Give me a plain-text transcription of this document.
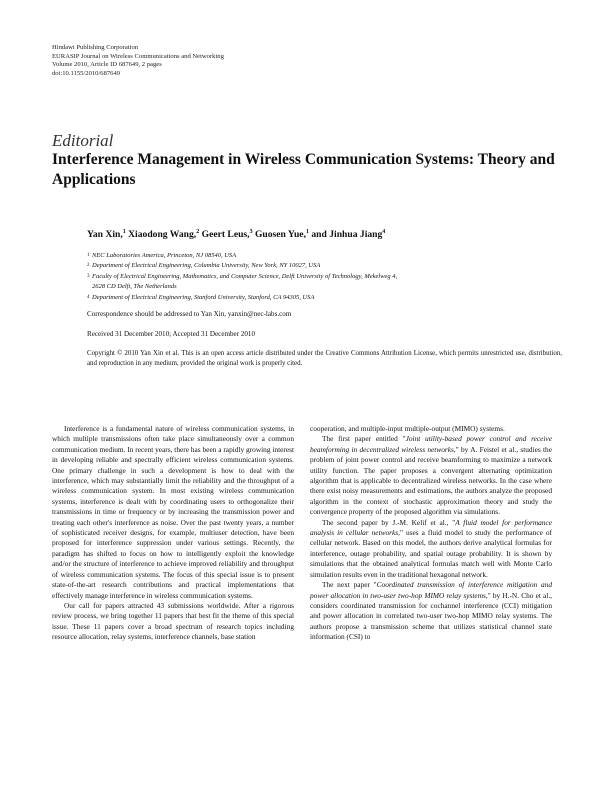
Hindawi Publishing Corporation
EURASIP Journal on Wireless Communications and Networking
Volume 2010, Article ID 687649, 2 pages
doi:10.1155/2010/687649
Editorial
Interference Management in Wireless Communication Systems: Theory and Applications
Yan Xin,$^1$ Xiaodong Wang,$^2$ Geert Leus,$^3$ Guosen Yue,$^1$ and Jinhua Jiang$^4$
1 NEC Laboratories America, Princeton, NJ 08540, USA
2 Department of Electrical Engineering, Columbia University, New York, NY 10027, USA
3 Faculty of Electrical Engineering, Mathematics, and Computer Science, Delft University of Technology, Mekelweg 4,
2628 CD Delft, The Netherlands
4 Department of Electrical Engineering, Stanford University, Stanford, CA 94305, USA
Correspondence should be addressed to Yan Xin, yanxin@nec-labs.com
Received 31 December 2010; Accepted 31 December 2010
Copyright © 2010 Yan Xin et al. This is an open access article distributed under the Creative Commons Attribution License, which permits unrestricted use, distribution, and reproduction in any medium, provided the original work is properly cited.

Interference is a fundamental nature of wireless communication systems, in which multiple transmissions often take place simultaneously over a common communication medium. In recent years, there has been a rapidly growing interest in developing reliable and spectrally efficient wireless communication systems. One primary challenge in such a development is how to deal with the interference, which may substantially limit the reliability and the throughput of a wireless communication system. In most existing wireless communication systems, interference is dealt with by coordinating users to orthogonalize their transmissions in time or frequency or by increasing the transmission power and treating each other's interference as noise. Over the past twenty years, a number of sophisticated receiver designs, for example, multiuser detection, have been proposed for interference suppression under various settings. Recently, the paradigm has shifted to focus on how to intelligently exploit the knowledge and/or the structure of interference to achieve improved reliability and throughput of wireless communication systems. The focus of this special issue is to present state-of-the-art research contributions and practical implementations that effectively manage interference in wireless communication systems.

Our call for papers attracted 43 submissions worldwide. After a rigorous review process, we bring together 11 papers that best fit the theme of this special issue. These 11 papers cover a broad spectrum of research topics including resource allocation, relay systems, interference channels, base station

cooperation, and multiple-input multiple-output (MIMO) systems.

The first paper entitled "Joint utility-based power control and receive beamforming in decentralized wireless networks," by A. Feistel et al., studies the problem of joint power control and receive beamforming to maximize a network utility function. The paper proposes a convergent alternating optimization algorithm that is applicable to decentralized wireless networks. In the case where there exist noisy measurements and estimations, the authors analyze the proposed algorithm in the context of stochastic approximation theory and study the convergence property of the proposed algorithm via simulations.

The second paper by J.-M. Kelif et al., "A fluid model for performance analysis in cellular networks," uses a fluid model to study the performance of cellular network. Based on this model, the authors derive analytical formulas for interference, outage probability, and spatial outage probability. It is shown by simulations that the obtained analytical formulas match well with Monte Carlo simulation results even in the traditional hexagonal network.

The next paper "Coordinated transmission of interference mitigation and power allocation in two-user two-hop MIMO relay systems," by H.-N. Cho et al., considers coordinated transmission for cochannel interference (CCI) mitigation and power allocation in correlated two-user two-hop MIMO relay systems. The authors propose a transmission scheme that utilizes statistical channel state information (CSI) to
